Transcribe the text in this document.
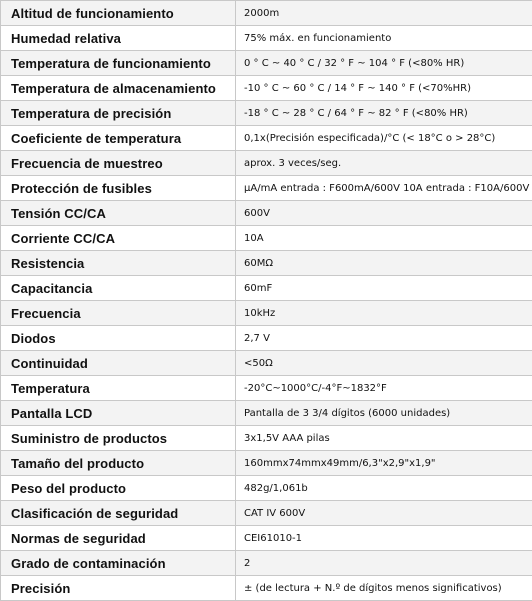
Altitud de funcionamiento	2000m
Humedad relativa	75% máx. en funcionamiento
Temperatura de funcionamiento	0 ° C ~ 40 ° C / 32 ° F ~ 104 ° F (<80% HR)
Temperatura de almacenamiento	-10 ° C ~ 60 ° C / 14 ° F ~ 140 ° F (<70%HR)
Temperatura de precisión	-18 ° C ~ 28 ° C / 64 ° F ~ 82 ° F (<80% HR)
Coeficiente de temperatura	0,1x(Precisión especificada)/°C (< 18°C o > 28°C)
Frecuencia de muestreo	aprox. 3 veces/seg.
Protección de fusibles	µA/mA entrada : F600mA/600V 10A entrada : F10A/600V
Tensión CC/CA	600V
Corriente CC/CA	10A
Resistencia	60MΩ
Capacitancia	60mF
Frecuencia	10kHz
Diodos	2,7 V
Continuidad	<50Ω
Temperatura	-20°C~1000°C/-4°F~1832°F
Pantalla LCD	Pantalla de 3 3/4 dígitos (6000 unidades)
Suministro de productos	3x1,5V AAA pilas
Tamaño del producto	160mmx74mmx49mm/6,3"x2,9"x1,9"
Peso del producto	482g/1,061b
Clasificación de seguridad	CAT IV 600V
Normas de seguridad	CEI61010-1
Grado de contaminación	2
Precisión	± (de lectura + N.º de dígitos menos significativos)
